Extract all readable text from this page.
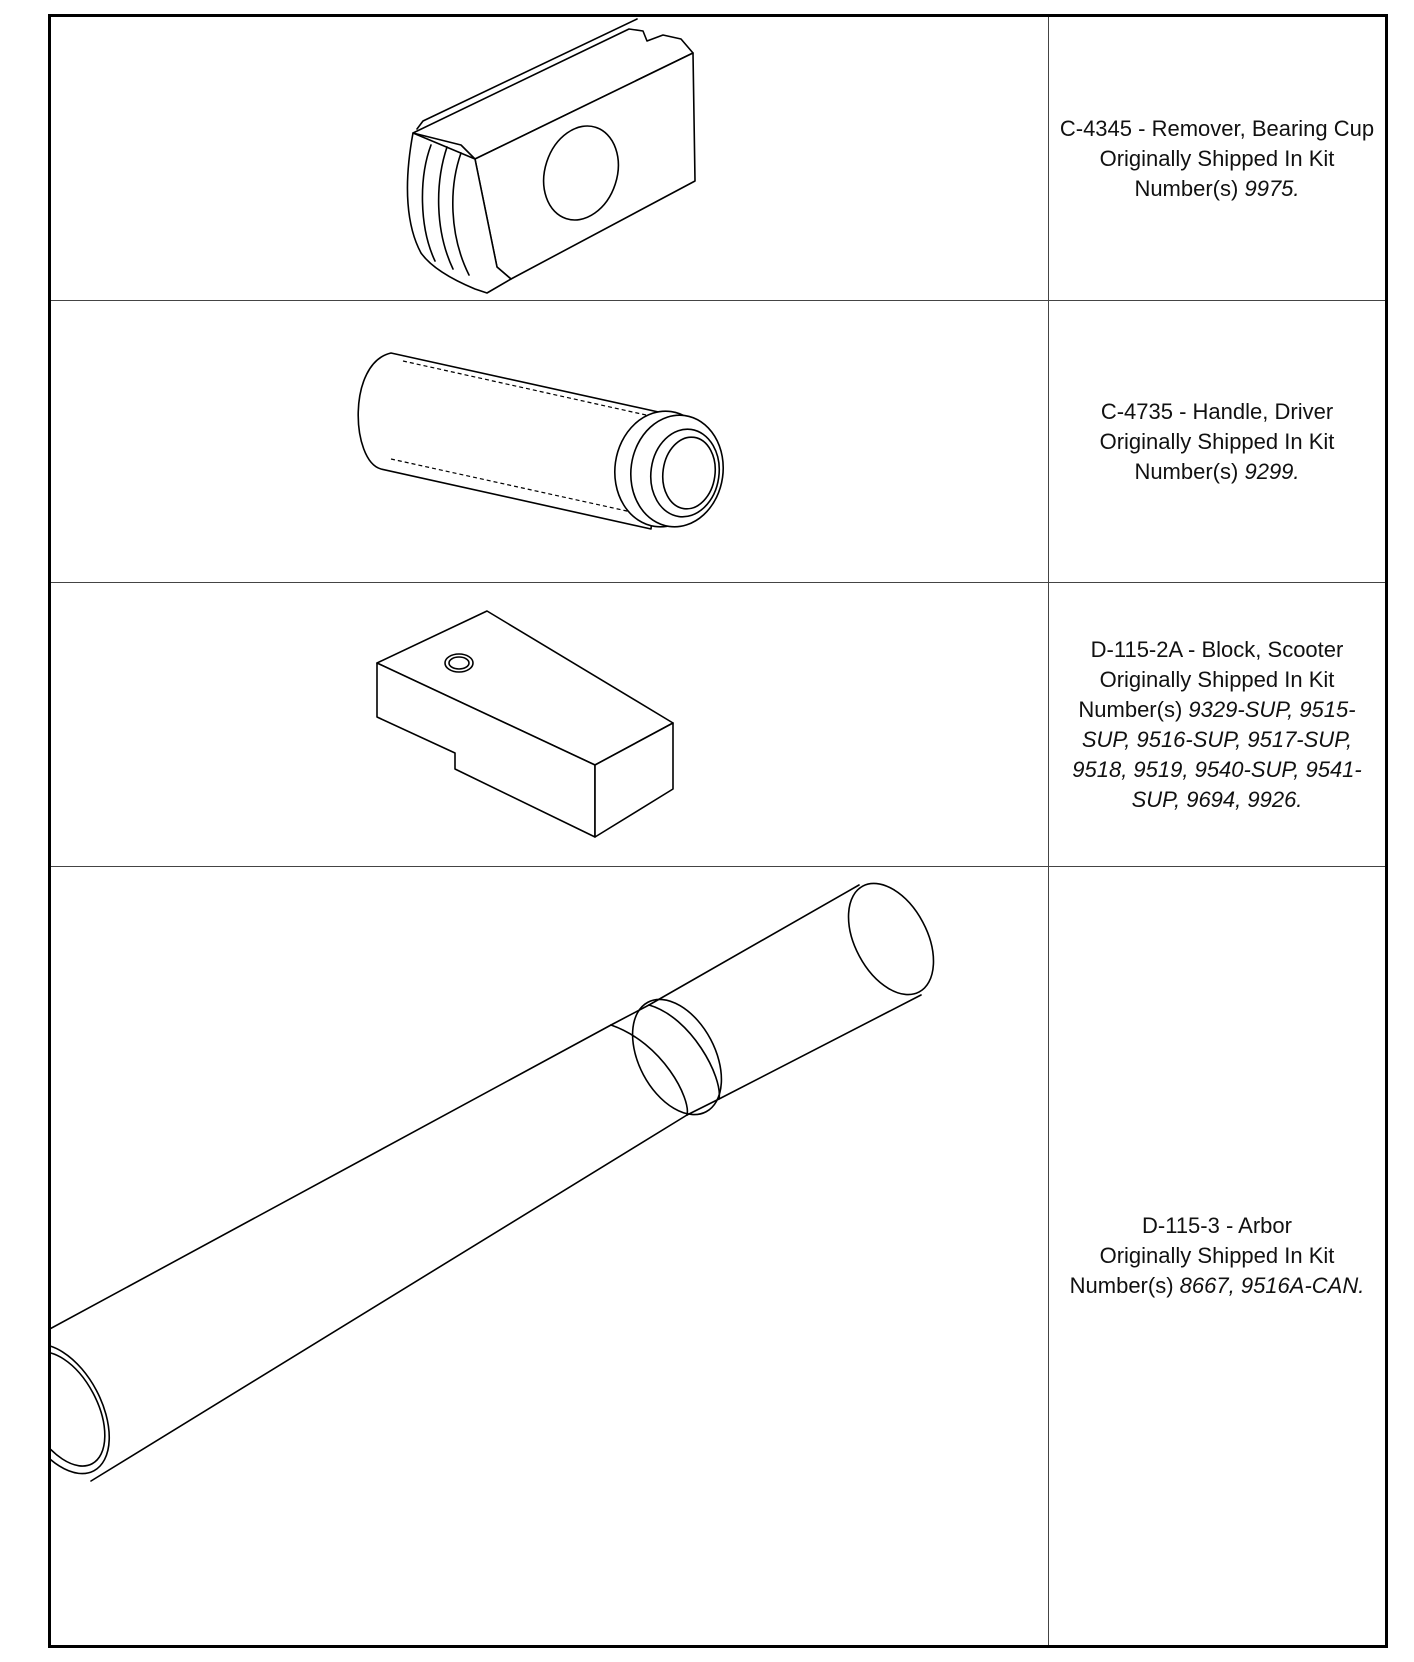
C-4345 - Remover, Bearing Cup
Originally Shipped In Kit
Number(s) 9975.
C-4735 - Handle, Driver
Originally Shipped In Kit
Number(s) 9299.
D-115-2A - Block, Scooter
Originally Shipped In Kit
Number(s) 9329-SUP, 9515-SUP, 9516-SUP, 9517-SUP, 9518, 9519, 9540-SUP, 9541-SUP, 9694, 9926.
D-115-3 - Arbor
Originally Shipped In Kit
Number(s) 8667, 9516A-CAN.
